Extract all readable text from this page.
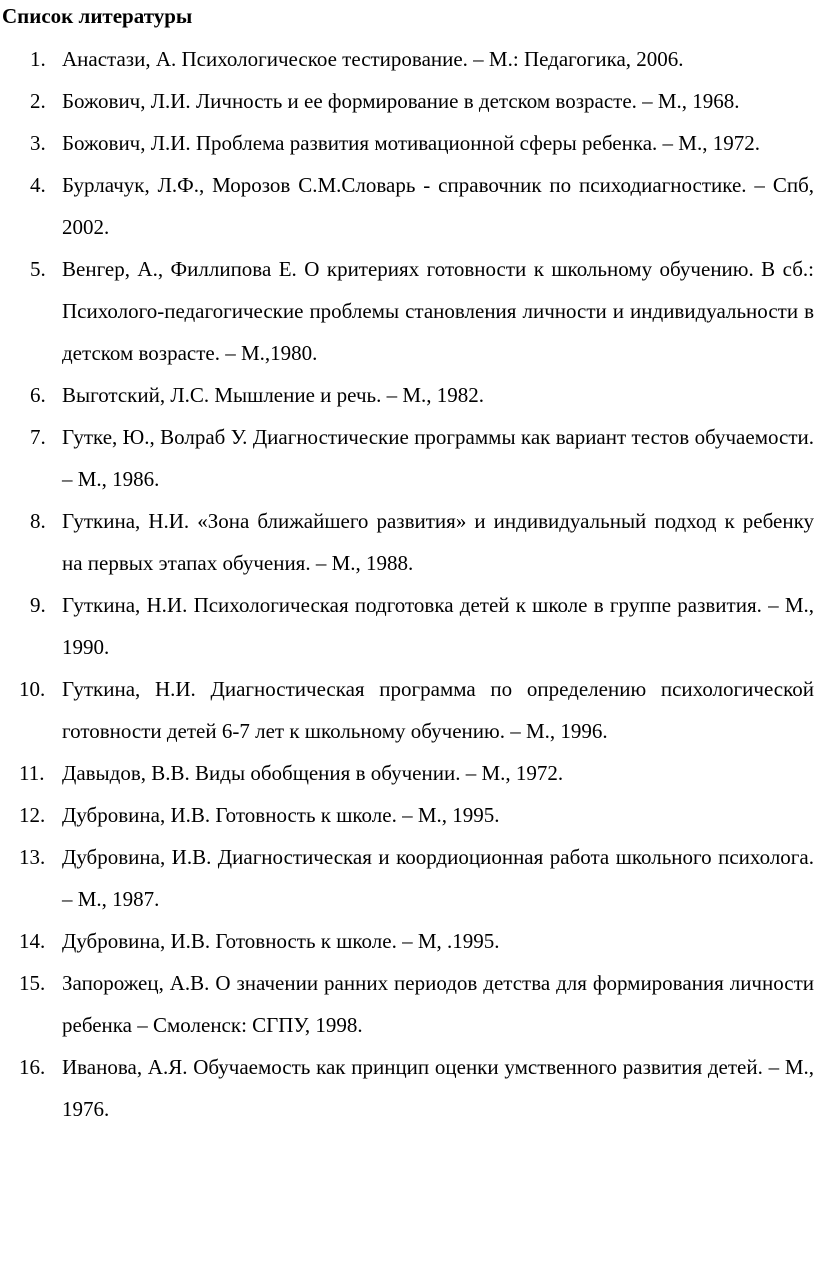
Список литературы
1. Анастази, А. Психологическое тестирование. – М.: Педагогика, 2006.
2. Божович, Л.И. Личность и ее формирование в детском возрасте. – М., 1968.
3. Божович, Л.И. Проблема развития мотивационной сферы ребенка. – М., 1972.
4. Бурлачук, Л.Ф., Морозов С.М.Словарь - справочник по психодиагностике. – Спб, 2002.
5. Венгер, А., Филлипова Е. О критериях готовности к школьному обучению. В сб.: Психолого-педагогические проблемы становления личности и индивидуальности в детском возрасте. – М.,1980.
6. Выготский, Л.С. Мышление и речь. – М., 1982.
7. Гутке, Ю., Волраб У. Диагностические программы как вариант тестов обучаемости. – М., 1986.
8. Гуткина, Н.И. «Зона ближайшего развития» и индивидуальный подход к ребенку на первых этапах обучения. – М., 1988.
9. Гуткина, Н.И. Психологическая подготовка детей к школе в группе развития. – М., 1990.
10. Гуткина, Н.И. Диагностическая программа по определению психологической готовности детей 6-7 лет к школьному обучению. – М., 1996.
11. Давыдов, В.В. Виды обобщения в обучении. – М., 1972.
12. Дубровина, И.В. Готовность к школе. – М., 1995.
13. Дубровина, И.В. Диагностическая и коордиоционная работа школьного психолога. – М., 1987.
14. Дубровина, И.В. Готовность к школе. – М, .1995.
15. Запорожец, А.В. О значении ранних периодов детства для формирования личности ребенка – Смоленск: СГПУ, 1998.
16. Иванова, А.Я. Обучаемость как принцип оценки умственного развития детей. – М., 1976.
